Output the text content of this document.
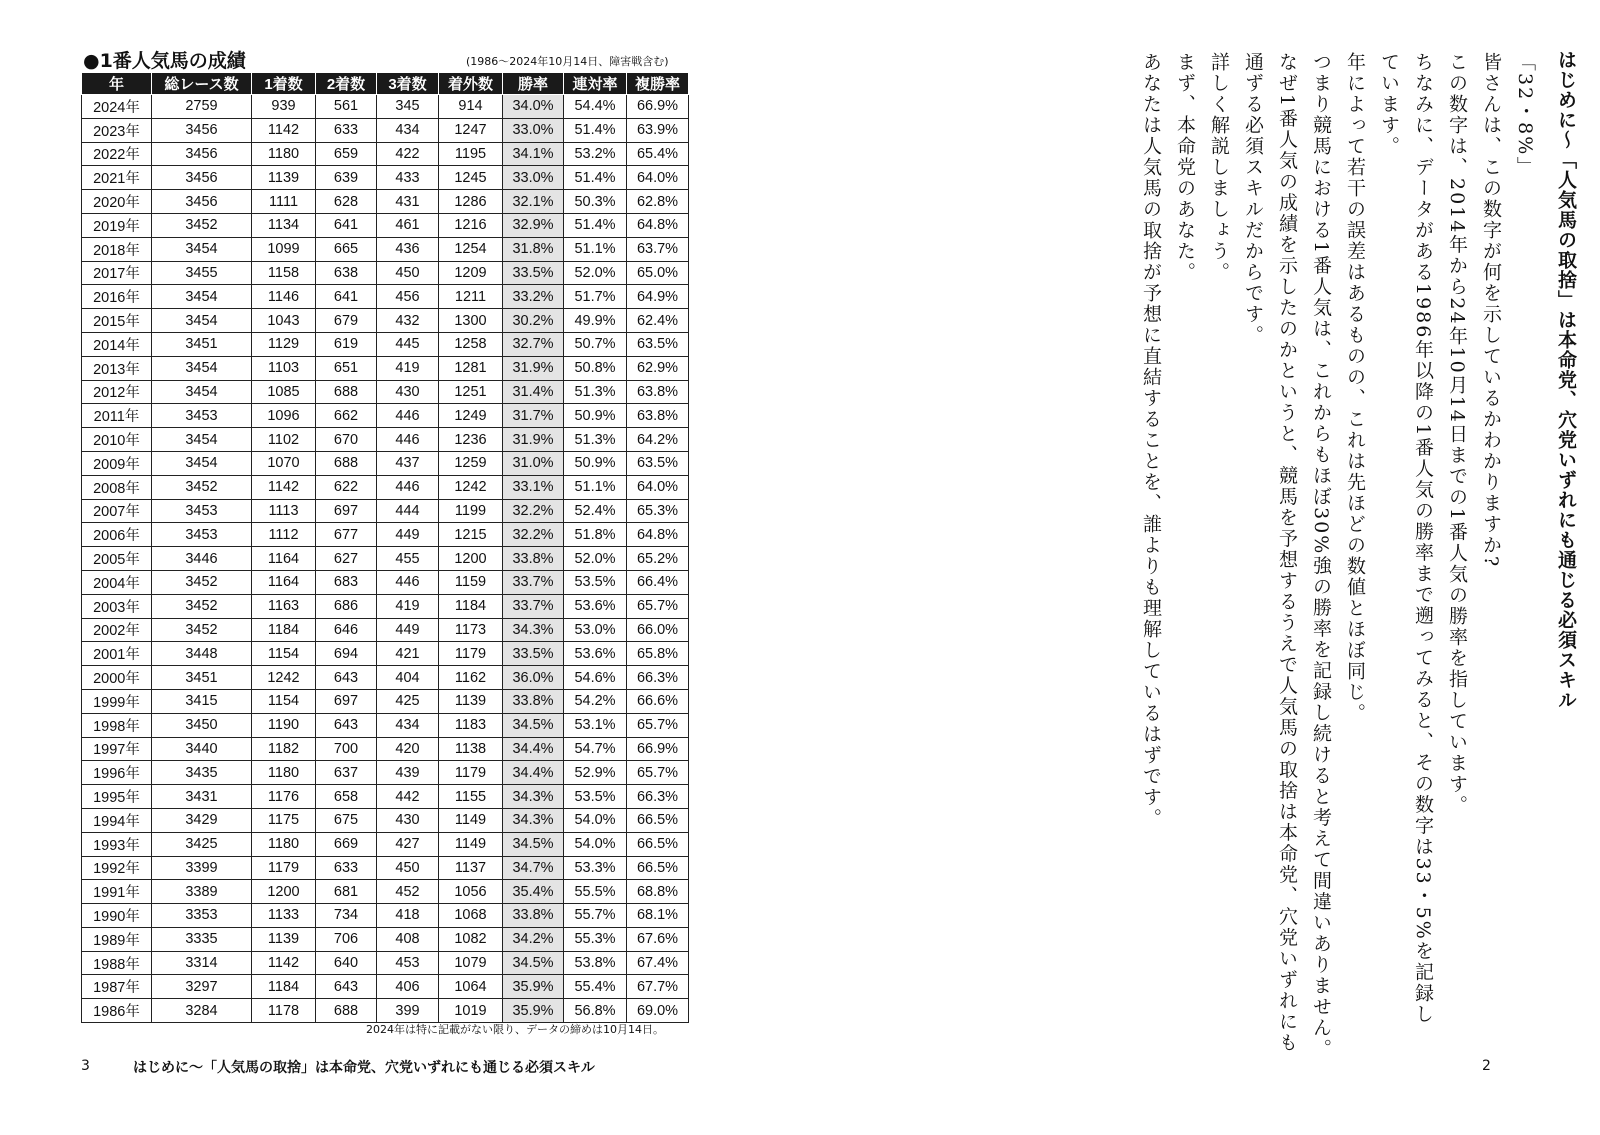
●1番人気馬の成績	(1986〜2024年10月14日、障害戦含む)
年	総レース数	1着数	2着数	3着数	着外数	勝率	連対率	複勝率
2024年	2759	939	561	345	914	34.0%	54.4%	66.9%
2023年	3456	1142	633	434	1247	33.0%	51.4%	63.9%
2022年	3456	1180	659	422	1195	34.1%	53.2%	65.4%
2021年	3456	1139	639	433	1245	33.0%	51.4%	64.0%
2020年	3456	1111	628	431	1286	32.1%	50.3%	62.8%
2019年	3452	1134	641	461	1216	32.9%	51.4%	64.8%
2018年	3454	1099	665	436	1254	31.8%	51.1%	63.7%
2017年	3455	1158	638	450	1209	33.5%	52.0%	65.0%
2016年	3454	1146	641	456	1211	33.2%	51.7%	64.9%
2015年	3454	1043	679	432	1300	30.2%	49.9%	62.4%
2014年	3451	1129	619	445	1258	32.7%	50.7%	63.5%
2013年	3454	1103	651	419	1281	31.9%	50.8%	62.9%
2012年	3454	1085	688	430	1251	31.4%	51.3%	63.8%
2011年	3453	1096	662	446	1249	31.7%	50.9%	63.8%
2010年	3454	1102	670	446	1236	31.9%	51.3%	64.2%
2009年	3454	1070	688	437	1259	31.0%	50.9%	63.5%
2008年	3452	1142	622	446	1242	33.1%	51.1%	64.0%
2007年	3453	1113	697	444	1199	32.2%	52.4%	65.3%
2006年	3453	1112	677	449	1215	32.2%	51.8%	64.8%
2005年	3446	1164	627	455	1200	33.8%	52.0%	65.2%
2004年	3452	1164	683	446	1159	33.7%	53.5%	66.4%
2003年	3452	1163	686	419	1184	33.7%	53.6%	65.7%
2002年	3452	1184	646	449	1173	34.3%	53.0%	66.0%
2001年	3448	1154	694	421	1179	33.5%	53.6%	65.8%
2000年	3451	1242	643	404	1162	36.0%	54.6%	66.3%
1999年	3415	1154	697	425	1139	33.8%	54.2%	66.6%
1998年	3450	1190	643	434	1183	34.5%	53.1%	65.7%
1997年	3440	1182	700	420	1138	34.4%	54.7%	66.9%
1996年	3435	1180	637	439	1179	34.4%	52.9%	65.7%
1995年	3431	1176	658	442	1155	34.3%	53.5%	66.3%
1994年	3429	1175	675	430	1149	34.3%	54.0%	66.5%
1993年	3425	1180	669	427	1149	34.5%	54.0%	66.5%
1992年	3399	1179	633	450	1137	34.7%	53.3%	66.5%
1991年	3389	1200	681	452	1056	35.4%	55.5%	68.8%
1990年	3353	1133	734	418	1068	33.8%	55.7%	68.1%
1989年	3335	1139	706	408	1082	34.2%	55.3%	67.6%
1988年	3314	1142	640	453	1079	34.5%	53.8%	67.4%
1987年	3297	1184	643	406	1064	35.9%	55.4%	67.7%
1986年	3284	1178	688	399	1019	35.9%	56.8%	69.0%
2024年は特に記載がない限り、データの締めは10月14日。
3	はじめに〜「人気馬の取捨」は本命党、穴党いずれにも通じる必須スキル
はじめに〜「人気馬の取捨」は本命党、穴党いずれにも通じる必須スキル
「32・8%」
皆さんは、この数字が何を示しているかわかりますか?
この数字は、2014年から24年10月14日までの1番人気の勝率を指しています。
ちなみに、データがある1986年以降の1番人気の勝率まで遡ってみると、その数字は33・5%を記録し
ています。
年によって若干の誤差はあるものの、これは先ほどの数値とほぼ同じ。
つまり競馬における1番人気は、これからもほぼ30%強の勝率を記録し続けると考えて間違いありません。
なぜ1番人気の成績を示したのかというと、競馬を予想するうえで人気馬の取捨は本命党、穴党いずれにも
通ずる必須スキルだからです。
詳しく解説しましょう。
まず、本命党のあなた。
あなたは人気馬の取捨が予想に直結することを、誰よりも理解しているはずです。
2
